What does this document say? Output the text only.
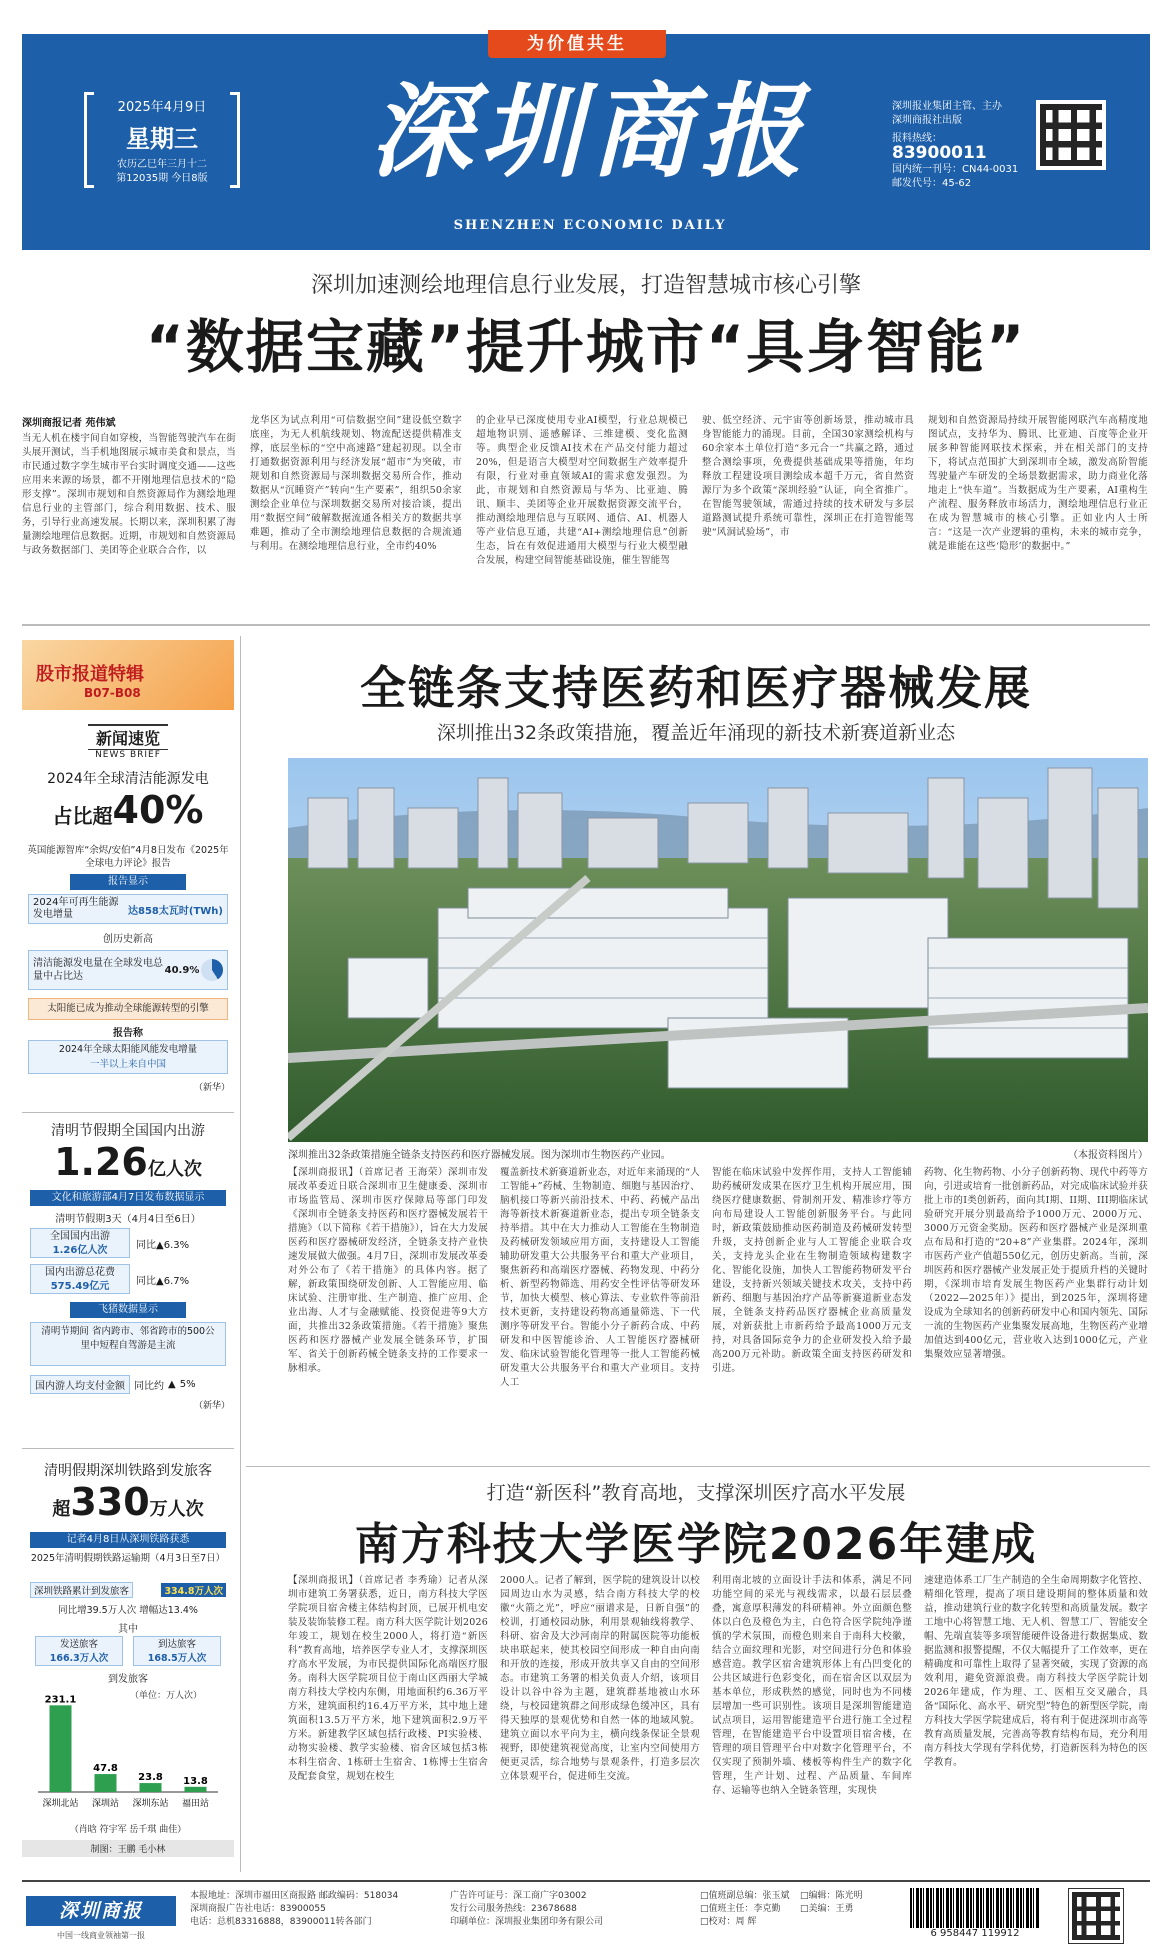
为价值共生
2025年4月9日
星期三
农历乙巳年三月十二
第12035期 今日8版 深圳商报
SHENZHEN ECONOMIC DAILY
深圳报业集团主管、主办
深圳商报社出版
报料热线：83900011
国内统一刊号：CN44-0031
邮发代号：45-62
深圳加速测绘地理信息行业发展，打造智慧城市核心引擎
“数据宝藏”提升城市“具身智能”
深圳商报记者 苑伟斌
当无人机在楼宇间自如穿梭，当智能驾驶汽车在街头展开测试，当手机地图展示城市美食和景点，当市民通过数字孪生城市平台实时调度交通——这些应用来来源的场景，都不开刚地理信息技术的“隐形支撑”。深圳市规划和自然资源局作为测绘地理信息行业的主管部门，综合利用数据、技术、服务，引导行业高速发展。长期以来，深圳积累了海量测绘地理信息数据。近期，市规划和自然资源局与政务数据部门、美团等企业联合合作，以
龙华区为试点利用“可信数据空间”建设低空数字底座，为无人机航线规划、物流配送提供精准支撑，底层坐标的“空中高速路”建起初现。以全市打通数据资源利用与经济发展“超市”为突破，市规划和自然资源局与深圳数据交易所合作，推动数据从“沉睡资产”转向“生产要素”，组织50余家测绘企业单位与深圳数据交易所对接洽谈，提出用“数据空间”破解数据流通各相关方的数据共享难题，推动了全市测绘地理信息数据的合规流通与利用。在测绘地理信息行业，全市约40%
的企业早已深度使用专业AI模型，行业总规模已超地物识别、遥感解译、三维建模、变化监测等。典型企业反馈AI技术在产品交付能力超过20%，但是语言大模型对空间数据生产效率提升有限，行业对垂直领域AI的需求愈发强烈。为此，市规划和自然资源局与华为、比亚迪、腾讯、顺丰、美团等企业开展数据资源交流平台，推动测绘地理信息与互联网、通信、AI、机器人等产业信息互通，共建“AI+测绘地理信息”创新生态，旨在有效促进通用大模型与行业大模型融合发展，构建空间智能基础设施，催生智能驾
驶、低空经济、元宇宙等创新场景，推动城市具身智能能力的涌现。目前，全国30家测绘机构与60余家本土单位打造“多元合一”共赢之路，通过整合测绘事项，免费提供基础成果等措施，年均释放工程建设项目测绘成本超千万元，省自然资源厅为多个政策“深圳经验”认证，向全省推广。在智能驾驶领域，需通过持续的技术研发与多层道路测试提升系统可靠性，深圳正在打造智能驾驶“风洞试验场”，市
规划和自然资源局持续开展智能网联汽车高精度地图试点，支持华为、腾讯、比亚迪、百度等企业开展多种智能网联技术探索，并在相关部门的支持下，将试点范围扩大到深圳市全域，激发高阶智能驾驶量产车研发的全场景数据需求，助力商业化落地走上“快车道”。当数据成为生产要素，AI重构生产流程、服务释放市场活力，测绘地理信息行业正在成为智慧城市的核心引擎。正如业内人士所言：“这是一次产业逻辑的重构，未来的城市竞争，就是谁能在这些‘隐形’的数据中。”
股市报道特辑
B07-B08
新闻速览
NEWS BRIEF
2024年全球清洁能源发电
占比超40%
英国能源智库“余烬/安伯”4月8日发布《2025年全球电力评论》报告
报告显示
2024年可再生能源发电增量	达858太瓦时(TWh)
创历史新高
清洁能源发电量在全球发电总量中占比达
40.9%
太阳能已成为推动全球能源转型的引擎
报告称
2024年全球太阳能风能发电增量
一半以上来自中国
（新华）
清明节假期全国国内出游
1.26亿人次
文化和旅游部4月7日发布数据显示
清明节假期3天（4月4日至6日）
全国国内出游
1.26亿人次	同比▲6.3%
国内出游总花费
575.49亿元	同比▲6.7%
飞猪数据显示
清明节期间 省内跨市、邻省跨市的500公里中短程自驾游是主流
国内游人均支付金额 同比约 ▲ 5%
（新华）
清明假期深圳铁路到发旅客
超330万人次
记者4月8日从深圳铁路获悉
2025年清明假期铁路运输期（4月3日至7日）
深圳铁路累计到发旅客	334.8万人次
同比增39.5万人次 增幅达13.4%
其中
发送旅客
166.3万人次
到达旅客
168.5万人次
到发旅客
（单位：万人次）
231.1
深圳北站
47.8
深圳站
23.8
深圳东站
13.8
福田站
（肖晗 符宇军 岳千琪 曲佳）
制图：王鹏 毛小林
全链条支持医药和医疗器械发展
深圳推出32条政策措施，覆盖近年涌现的新技术新赛道新业态
深圳推出32条政策措施全链条支持医药和医疗器械发展。图为深圳市生物医药产业园。	（本报资料图片）
【深圳商报讯】（首席记者 王海荣）深圳市发展改革委近日联合深圳市卫生健康委、深圳市市场监管局、深圳市医疗保障局等部门印发《深圳市全链条支持医药和医疗器械发展若干措施》（以下简称《若干措施》），旨在大力发展医药和医疗器械研发经济，全链条支持产业快速发展做大做强。4月7日，深圳市发展改革委对外公布了《若干措施》的具体内容。据了解，新政策围绕研发创新、人工智能应用、临床试验、注册审批、生产制造、推广应用、企业出海、人才与金融赋能、投资促进等9大方面，共推出32条政策措施。《若干措施》聚焦医药和医疗器械产业发展全链条环节，扩围军、省关于创新药械全链条支持的工作要求一脉相承。
覆盖新技术新赛道新业态，对近年来涌现的“人工智能+”药械、生物制造、细胞与基因治疗、脑机接口等新兴前沿技术、中药、药械产品出海等新技术新赛道新业态，提出专项全链条支持举措。其中在大力推动人工智能在生物制造及药械研发领域应用方面，支持建设人工智能辅助研发重大公共服务平台和重大产业项目，聚焦新药和高端医疗器械、药物发现、中药分析、新型药物筛选、用药安全性评估等研发环节，加快大模型、核心算法、专业软件等前沿技术更新，支持建设药物高通量筛选、下一代测序等研发平台。智能小分子新药合成、中药研发和中医智能诊治、人工智能医疗器械研发、临床试验智能化管理等一批人工智能药械研发重大公共服务平台和重大产业项目。支持人工
智能在临床试验中发挥作用，支持人工智能辅助药械研发成果在医疗卫生机构开展应用，围绕医疗健康数据、骨制剂开发、精准诊疗等方向布局建设人工智能创新服务平台。与此同时，新政策鼓励推动医药制造及药械研发转型升级，支持创新企业与人工智能企业联合攻关，支持龙头企业在生物制造领域构建数字化、智能化设施，加快人工智能药物研发平台建设，支持新兴领域关键技术攻关，支持中药新药、细胞与基因治疗产品等新赛道新业态发展，全链条支持药品医疗器械企业高质量发展，对新获批上市新药给予最高1000万元支持，对具备国际竞争力的企业研发投入给予最高200万元补助。新政策全面支持医药研发和引进。
药物、化生物药物、小分子创新药物、现代中药等方向，引进或培育一批创新药品，对完成临床试验并获批上市的I类创新药，面向其I期、II期、III期临床试验研究开展分别最高给予1000万元、2000万元、3000万元资金奖励。医药和医疗器械产业是深圳重点布局和打造的“20+8”产业集群。2024年，深圳市医药产业产值超550亿元，创历史新高。当前，深圳医药和医疗器械产业发展正处于提质升档的关键时期，《深圳市培育发展生物医药产业集群行动计划（2022—2025年）》提出，到2025年，深圳将建设成为全球知名的创新药研发中心和国内领先、国际一流的生物医药产业集聚发展高地，生物医药产业增加值达到400亿元，营业收入达到1000亿元，产业集聚效应显著增强。
打造“新医科”教育高地，支撑深圳医疗高水平发展
南方科技大学医学院2026年建成
【深圳商报讯】（首席记者 李秀瑜）记者从深圳市建筑工务署获悉，近日，南方科技大学医学院项目宿舍楼主体结构封顶，已展开机电安装及装饰装修工程。南方科大医学院计划2026年竣工，规划在校生2000人，将打造“新医科”教育高地，培养医学专业人才，支撑深圳医疗高水平发展，为市民提供国际化高端医疗服务。南科大医学院项目位于南山区西丽大学城南方科技大学校内东侧，用地面积约6.36万平方米，建筑面积约16.4万平方米，其中地上建筑面积13.5万平方米，地下建筑面积2.9万平方米。新建教学区域包括行政楼、PI实验楼、动物实验楼、教学实验楼、宿舍区域包括3栋本科生宿舍、1栋研士生宿舍、1栋博士生宿舍及配套食堂，规划在校生
2000人。记者了解到，医学院的建筑设计以校园周边山水为灵感，结合南方科技大学的校徽“火箭之光”，呼应“丽谱求是，日新自强”的校训，打通校园动脉，利用景观轴线将教学、科研、宿舍及大沙河南岸的附属医院等功能板块串联起来，使其校园空间形成一种自由向南和开放的连接，形成开放共享又自由的空间形态。市建筑工务署的相关负责人介绍，该项目设计以谷中谷为主题，建筑群基地被山水环绕，与校园建筑群之间形成绿色缓冲区，具有得天独厚的景观优势和自然一体的地域风貌。建筑立面以水平向为主，横向线条保证全景观视野，即使建筑视觉高度，让室内空间使用方便更灵活，综合地势与景观条件，打造多层次立体景观平台，促进师生交流。
利用南北坡的立面设计手法和体系，满足不同功能空间的采光与视线需求，以最石层层叠叠，寓意厚积薄发的科研精神。外立面颜色整体以白色及橙色为主，白色符合医学院纯净谨慎的学术氛围，而橙色则来自于南科大校徽，结合立面纹理和光影，对空间进行分色和体验感营造。教学区宿舍建筑形体上有凸凹变化的公共区域进行色彩变化，而在宿舍区以双层为基本单位，形成秩然的感觉，同时也为不同楼层增加一些可识别性。该项目是深圳智能建造试点项目，运用智能建造平台进行施工全过程管理，在智能建造平台中设置项目宿舍楼，在管理的项目管理平台中对数字化管理平台，不仅实现了预制外墙、楼板等构件生产的数字化管理，生产计划、过程、产品质量、车间库存、运输等也纳入全链条管理，实现快
速建造体系工厂生产制造的全生命周期数字化管控、精细化管理，提高了项目建设期间的整体质量和效益，推动建筑行业的数字化转型和高质量发展。数字工地中心将智慧工地、无人机、智慧工厂、智能安全帽、先端直装等多项智能硬件设备进行数据集成、数据监测和报警提醒，不仅大幅提升了工作效率，更在精确度和可靠性上取得了显著突破，实现了资源的高效利用，避免资源浪费。南方科技大学医学院计划2026年建成，作为理、工、医相互交叉融合，具备“国际化、高水平、研究型”特色的新型医学院，南方科技大学医学院建成后，将有利于促进深圳市高等教育高质量发展，完善高等教育结构布局，充分利用南方科技大学现有学科优势，打造新医科为特色的医学教育。
深圳商报
中国一线商业领袖第一报
本报地址：深圳市福田区商报路 邮政编码：518034
深圳商报广告社电话：83900055
电话：总机83316888，83900011转各部门
广告许可证号：深工商广字03002
发行公司服务热线：23678688
印刷单位：深圳报业集团印务有限公司
□值班副总编：张玉斌	□编辑：陈光明
□值班主任：李克勤	□美编：王勇
□校对：周 辉
6 958447 119912
